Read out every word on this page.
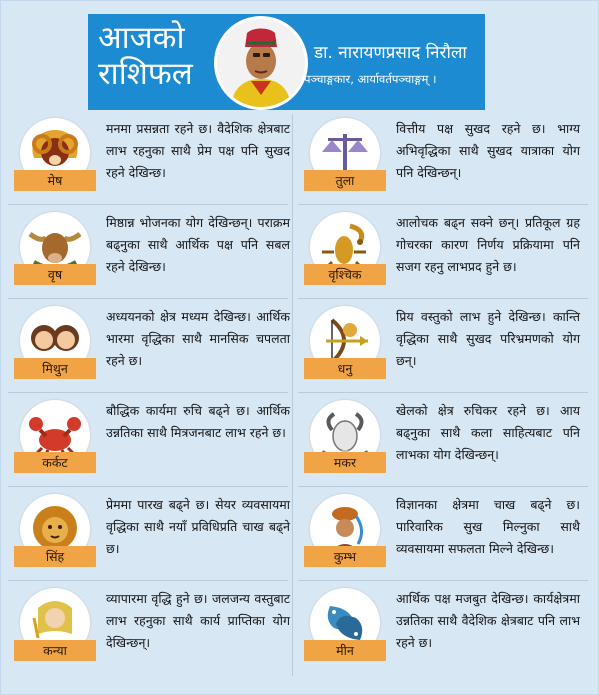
आजको
राशिफल
डा. नारायणप्रसाद निरौला
पञ्चाङ्गकार, आर्यावर्तपञ्चाङ्गम् ।
मेष
मनमा प्रसन्नता रहने छ। वैदेशिक क्षेत्रबाट लाभ रहनुका साथै प्रेम पक्ष पनि सुखद रहने देखिन्छ।
तुला
वित्तीय पक्ष सुखद रहने छ। भाग्य अभिवृद्धिका साथै सुखद यात्राका योग पनि देखिन्छन्।
वृष
मिष्ठान्न भोजनका योग देखिन्छन्। पराक्रम बढ्नुका साथै आर्थिक पक्ष पनि सबल रहने देखिन्छ।
वृश्चिक
आलोचक बढ्न सक्ने छन्। प्रतिकूल ग्रह गोचरका कारण निर्णय प्रक्रियामा पनि सजग रहनु लाभप्रद हुने छ।
मिथुन
अध्ययनको क्षेत्र मध्यम देखिन्छ। आर्थिक भारमा वृद्धिका साथै मानसिक चपलता रहने छ।
धनु
प्रिय वस्तुको लाभ हुने देखिन्छ। कान्ति वृद्धिका साथै सुखद परिभ्रमणको योग छन्।
कर्कट
बौद्धिक कार्यमा रुचि बढ्ने छ। आर्थिक उन्नतिका साथै मित्रजनबाट लाभ रहने छ।
मकर
खेलको क्षेत्र रुचिकर रहने छ। आय बढ्नुका साथै कला साहित्यबाट पनि लाभका योग देखिन्छन्।
सिंह
प्रेममा पारख बढ्ने छ। सेयर व्यवसायमा वृद्धिका साथै नयाँ प्रविधिप्रति चाख बढ्ने छ।
कुम्भ
विज्ञानका क्षेत्रमा चाख बढ्ने छ। पारिवारिक सुख मिल्नुका साथै व्यवसायमा सफलता मिल्ने देखिन्छ।
कन्या
व्यापारमा वृद्धि हुने छ। जलजन्य वस्तुबाट लाभ रहनुका साथै कार्य प्राप्तिका योग देखिन्छन्।
मीन
आर्थिक पक्ष मजबुत देखिन्छ। कार्यक्षेत्रमा उन्नतिका साथै वैदेशिक क्षेत्रबाट पनि लाभ रहने छ।
